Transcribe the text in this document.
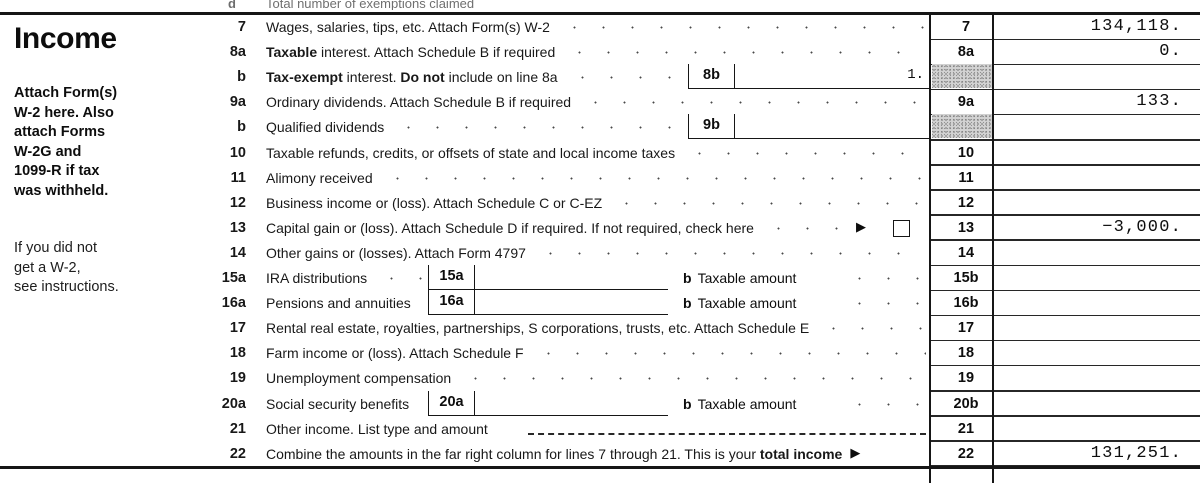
d Total number of exemptions claimed
Income
Attach Form(s)
W-2 here. Also
attach Forms
W-2G and
1099-R if tax
was withheld.
If you did not
get a W-2,
see instructions.
7 Wages, salaries, tips, etc. Attach Form(s) W-2	7	134,118.
8a Taxable interest. Attach Schedule B if required	8a	0.
b Tax-exempt interest. Do not include on line 8a	8b	1.
9a Ordinary dividends. Attach Schedule B if required	9a	133.
b Qualified dividends	9b
10 Taxable refunds, credits, or offsets of state and local income taxes	10
11 Alimony received	11
12 Business income or (loss). Attach Schedule C or C-EZ	12
13 Capital gain or (loss). Attach Schedule D if required. If not required, check here	▶	13	−3,000.
14 Other gains or (losses). Attach Form 4797	14
15a IRA distributions	15a	b Taxable amount	15b
16a Pensions and annuities	16a	b Taxable amount	16b
17 Rental real estate, royalties, partnerships, S corporations, trusts, etc. Attach Schedule E	17
18 Farm income or (loss). Attach Schedule F	18
19 Unemployment compensation	19
20a Social security benefits	20a	b Taxable amount	20b
21 Other income. List type and amount	21
22 Combine the amounts in the far right column for lines 7 through 21. This is your total income ▶	22	131,251.
